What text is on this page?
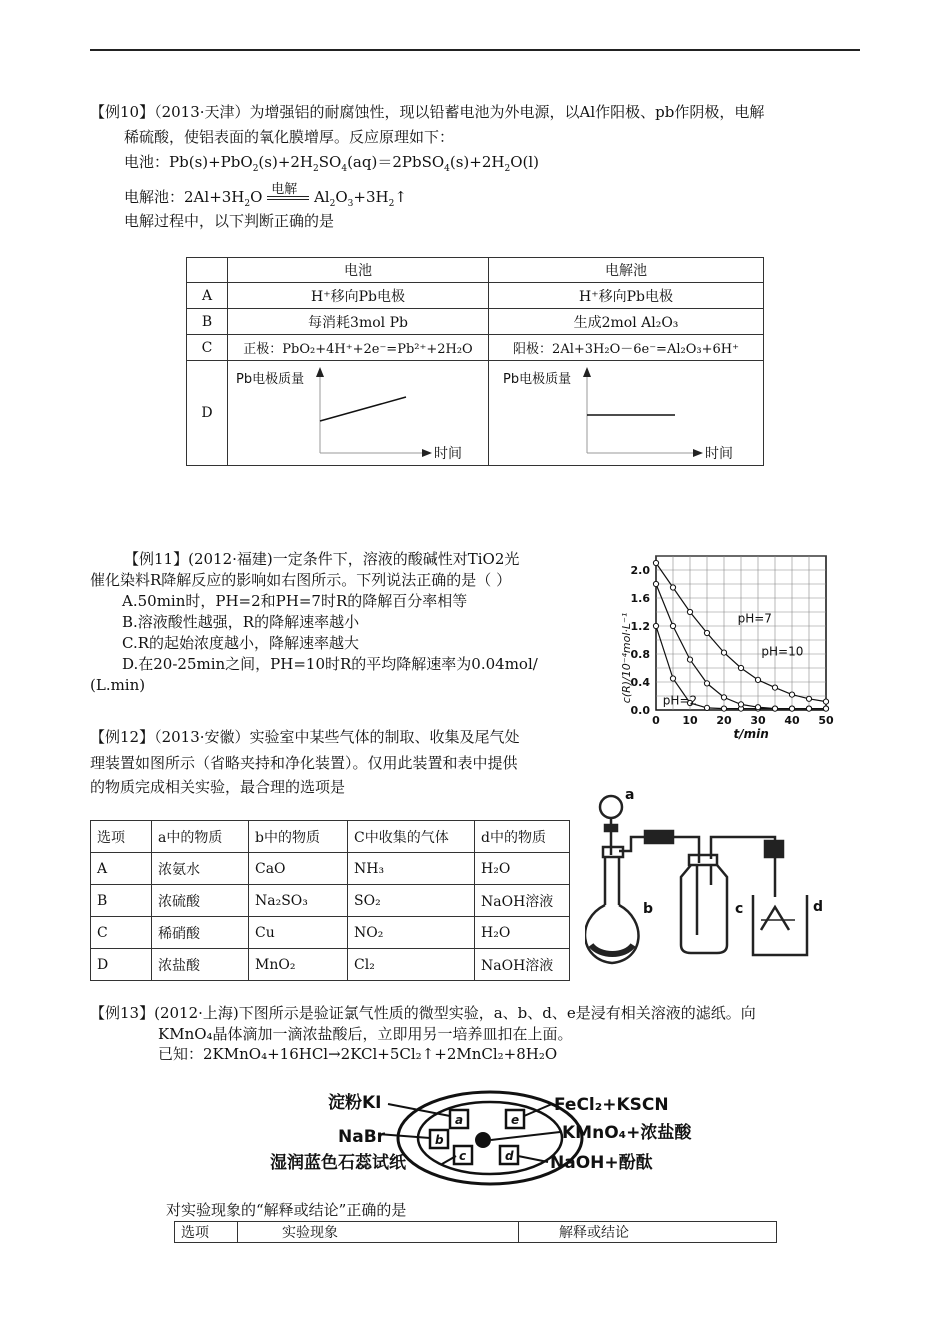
【例10】（2013·天津）为增强铝的耐腐蚀性，现以铅蓄电池为外电源，以Al作阳极、pb作阴极，电解
稀硫酸，使铝表面的氧化膜增厚。反应原理如下：
电池：$Pb(s)+PbO_2(s)+2H_2SO_4(aq)=2PbSO_4(s)+2H_2O(l)$
电解池：$2Al+3H_2O$ 电解 $Al_2O_3+3H_2↑$
电解过程中，以下判断正确的是
	电池	电解池
A	H⁺移向Pb电极	H⁺移向Pb电极
B	每消耗3mol Pb	生成2mol Al₂O₃
C	正极：PbO₂+4H⁺+2e⁻=Pb²⁺+2H₂O	阳极：2Al+3H₂O－6e⁻=Al₂O₃+6H⁺
D	Pb电极质量
时间	Pb电极质量
时间
【例11】(2012·福建)一定条件下，溶液的酸碱性对TiO2光
催化染料R降解反应的影响如右图所示。下列说法正确的是（ ）
A.50min时，PH=2和PH=7时R的降解百分率相等
B.溶液酸性越强，R的降解速率越小
C.R的起始浓度越小，降解速率越大
D.在20-25min之间，PH=10时R的平均降解速率为0.04mol/
(L.min)	c(R)/10⁻⁴mol·L⁻¹
0 10 20 30 40 50
0.0
0.4
0.8
1.2
1.6
2.0
t/min
pH=2
pH=7
pH=10
【例12】（2013·安徽）实验室中某些气体的制取、收集及尾气处
理装置如图所示（省略夹持和净化装置）。仅用此装置和表中提供
的物质完成相关实验，最合理的选项是
选项	a中的物质	b中的物质	C中收集的气体	d中的物质
A	浓氨水	CaO	NH₃	H₂O
B	浓硫酸	Na₂SO₃	SO₂	NaOH溶液
C	稀硝酸	Cu	NO₂	H₂O
D	浓盐酸	MnO₂	Cl₂	NaOH溶液
a
b	c	d
【例13】(2012·上海)下图所示是验证氯气性质的微型实验，a、b、d、e是浸有相关溶液的滤纸。向
KMnO₄晶体滴加一滴浓盐酸后，立即用另一培养皿扣在上面。
已知：2KMnO₄+16HCl→2KCl+5Cl₂↑+2MnCl₂+8H₂O
a	e
b
c	d
淀粉KI
NaBr
湿润蓝色石蕊试纸
FeCl₂+KSCN
KMnO₄+浓盐酸
NaOH+酚酞
对实验现象的“解释或结论”正确的是
选项	实验现象	解释或结论
